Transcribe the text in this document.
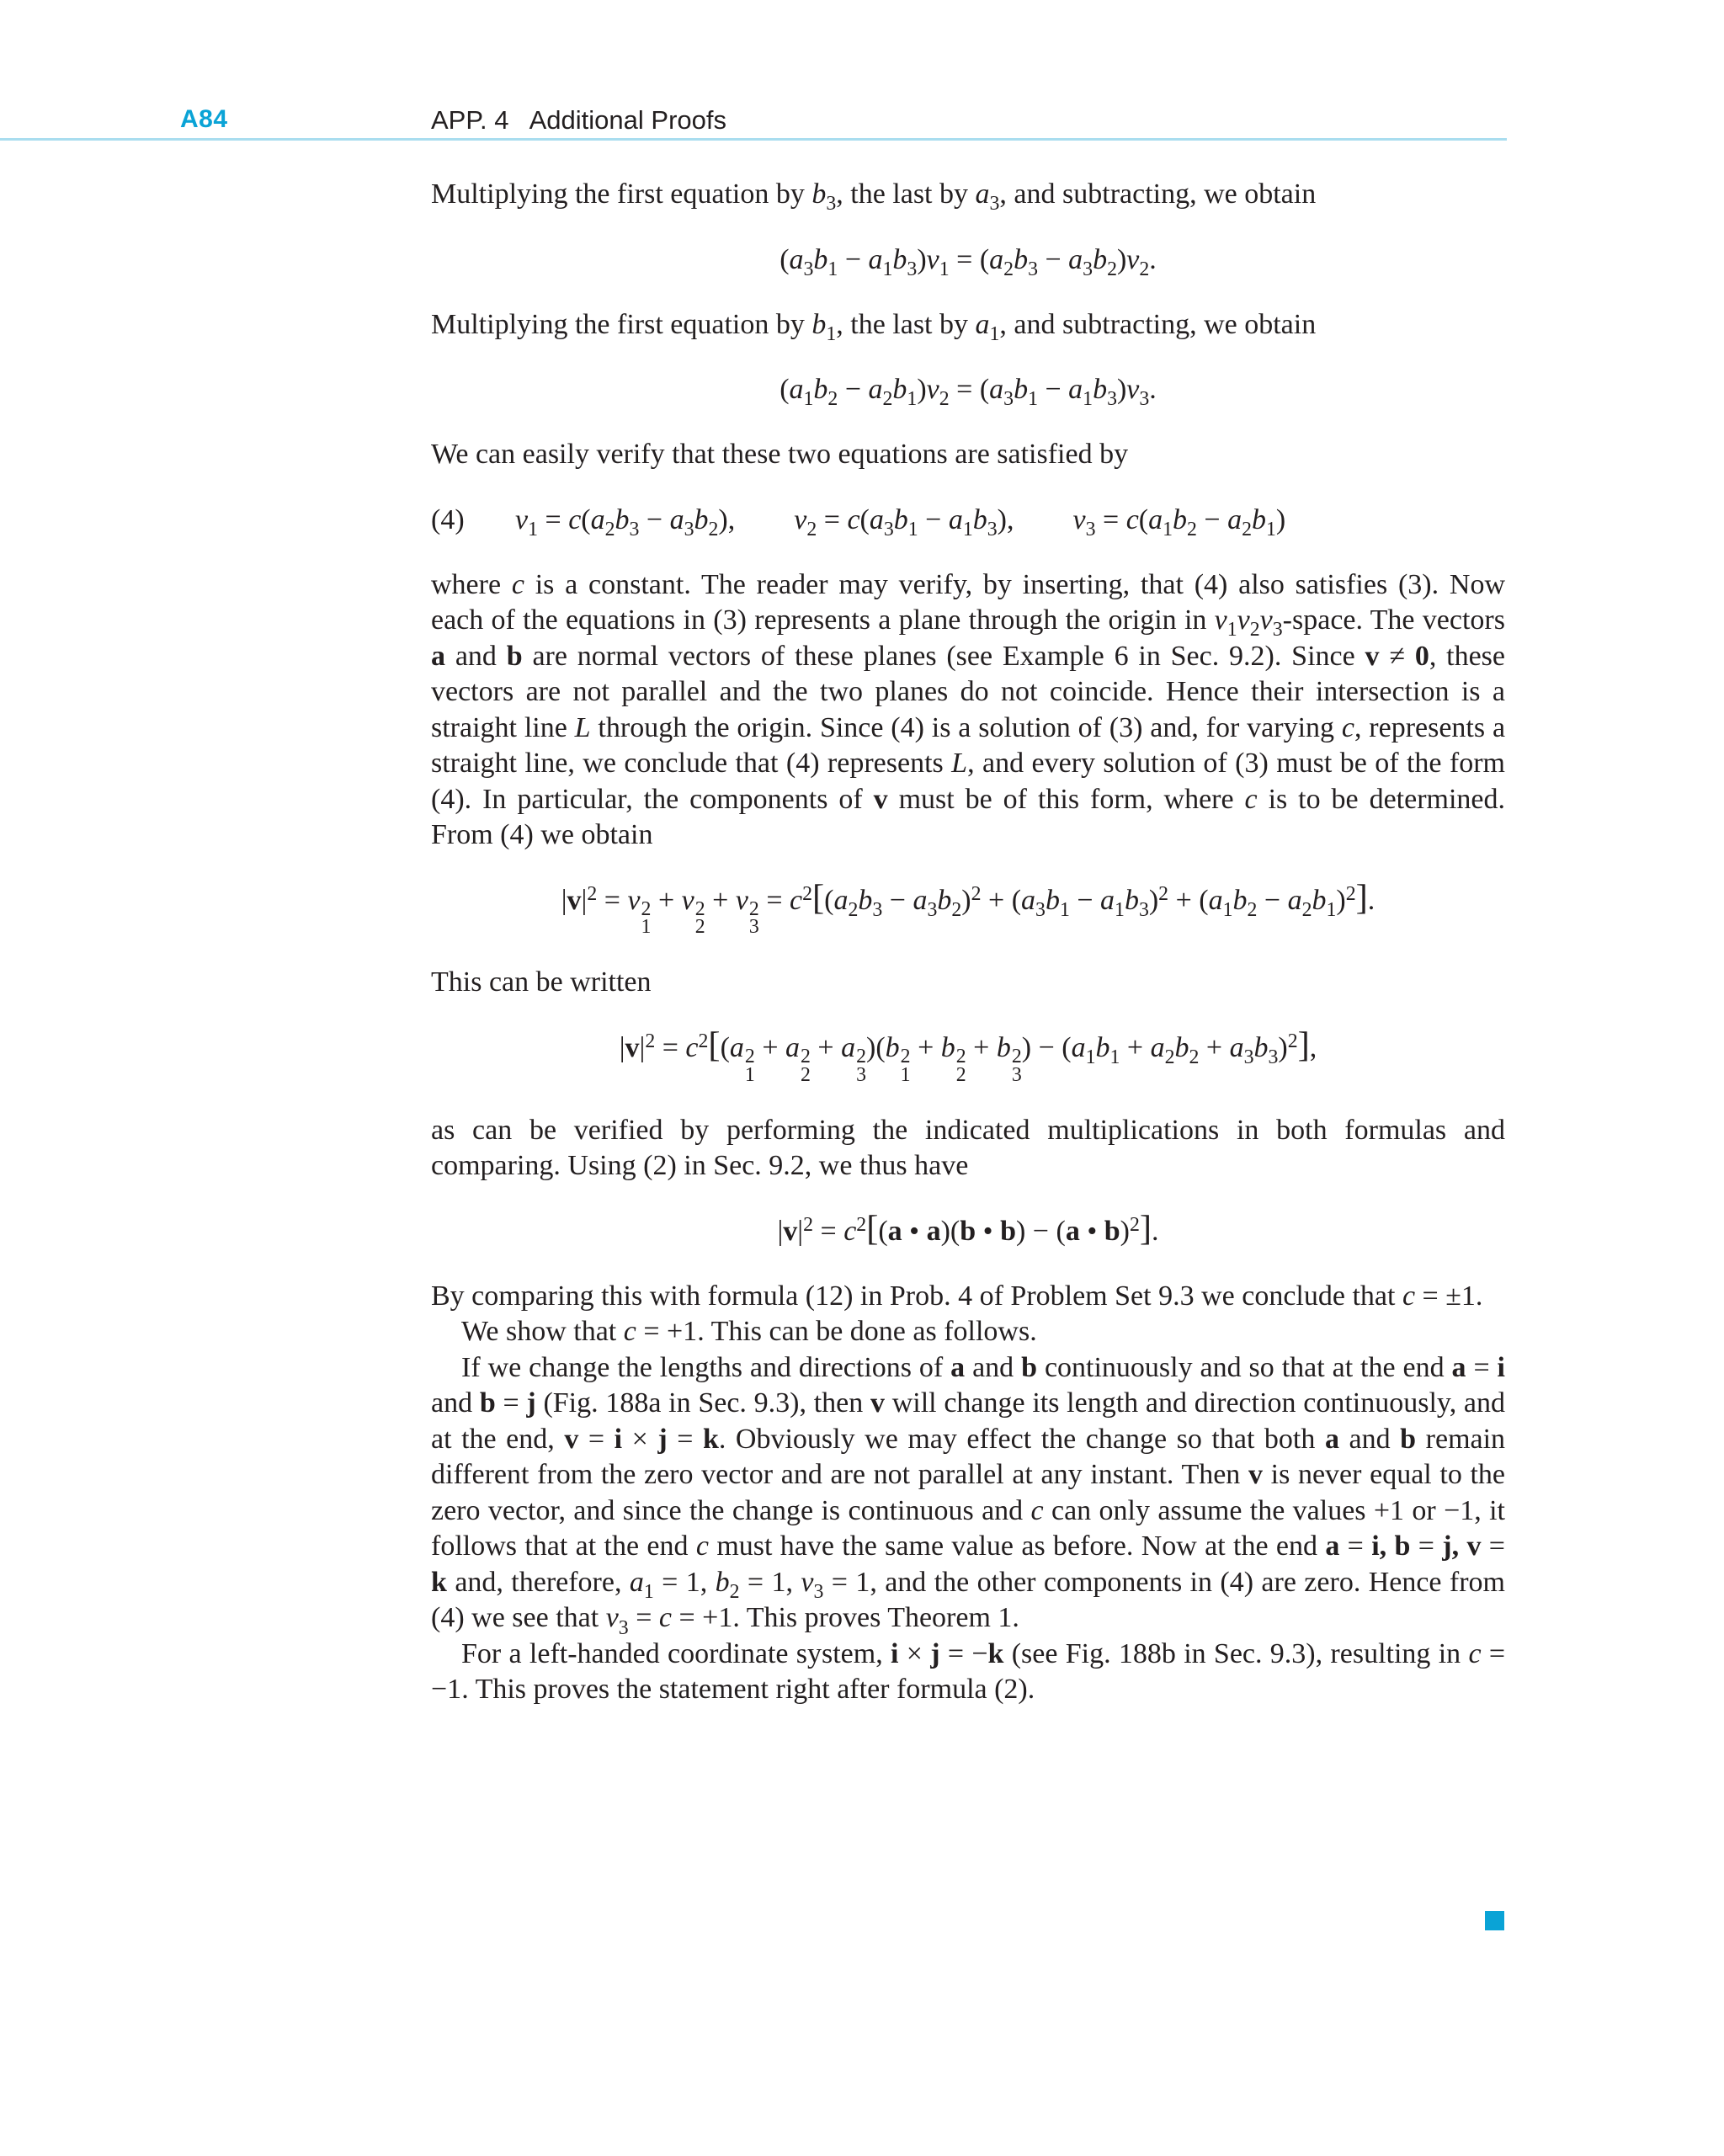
A84	APP. 4   Additional Proofs

Multiplying the first equation by $b_3$, the last by $a_3$, and subtracting, we obtain

$(a_3b_1 - a_1b_3)v_1 = (a_2b_3 - a_3b_2)v_2$.

Multiplying the first equation by $b_1$, the last by $a_1$, and subtracting, we obtain

$(a_1b_2 - a_2b_1)v_2 = (a_3b_1 - a_1b_3)v_3$.

We can easily verify that these two equations are satisfied by

(4) $v_1 = c(a_2b_3 - a_3b_2)$, $v_2 = c(a_3b_1 - a_1b_3)$, $v_3 = c(a_1b_2 - a_2b_1)$

where c is a constant. The reader may verify, by inserting, that (4) also satisfies (3). Now each of the equations in (3) represents a plane through the origin in $v_1v_2v_3$-space. The vectors a and b are normal vectors of these planes (see Example 6 in Sec. 9.2). Since v ≠ 0, these vectors are not parallel and the two planes do not coincide. Hence their intersection is a straight line L through the origin. Since (4) is a solution of (3) and, for varying c, represents a straight line, we conclude that (4) represents L, and every solution of (3) must be of the form (4). In particular, the components of v must be of this form, where c is to be determined. From (4) we obtain

$|v|^2 = v$ 2
1
+ v 2
2
+ v 2
3
= $c^2[(a_2b_3 - a_3b_2)^2 + (a_3b_1 - a_1b_3)^2 + (a_1b_2 - a_2b_1)^2]$.

This can be written

$|v|^2 = c^2[(a$ 2
1
+ a 2
2
+ a 2
3
)(b 2
1
+ b 2
2
+ b 2
3
) − $(a_1b_1 + a_2b_2 + a_3b_3)^2$],

as can be verified by performing the indicated multiplications in both formulas and comparing. Using (2) in Sec. 9.2, we thus have

$|v|^2 = c^2[(a$ • a)(b • b) − (a • b)$^2$].

By comparing this with formula (12) in Prob. 4 of Problem Set 9.3 we conclude that c = ±1.

We show that c = +1. This can be done as follows.

If we change the lengths and directions of a and b continuously and so that at the end a = i and b = j (Fig. 188a in Sec. 9.3), then v will change its length and direction continuously, and at the end, v = i × j = k. Obviously we may effect the change so that both a and b remain different from the zero vector and are not parallel at any instant. Then v is never equal to the zero vector, and since the change is continuous and c can only assume the values +1 or −1, it follows that at the end c must have the same value as before. Now at the end a = i, b = j, v = k and, therefore, $a_1 = 1$, $b_2 = 1$, $v_3 = 1$, and the other components in (4) are zero. Hence from (4) we see that $v_3 = c = +1$. This proves Theorem 1.

For a left-handed coordinate system, i × j = −k (see Fig. 188b in Sec. 9.3), resulting in c = −1. This proves the statement right after formula (2).
